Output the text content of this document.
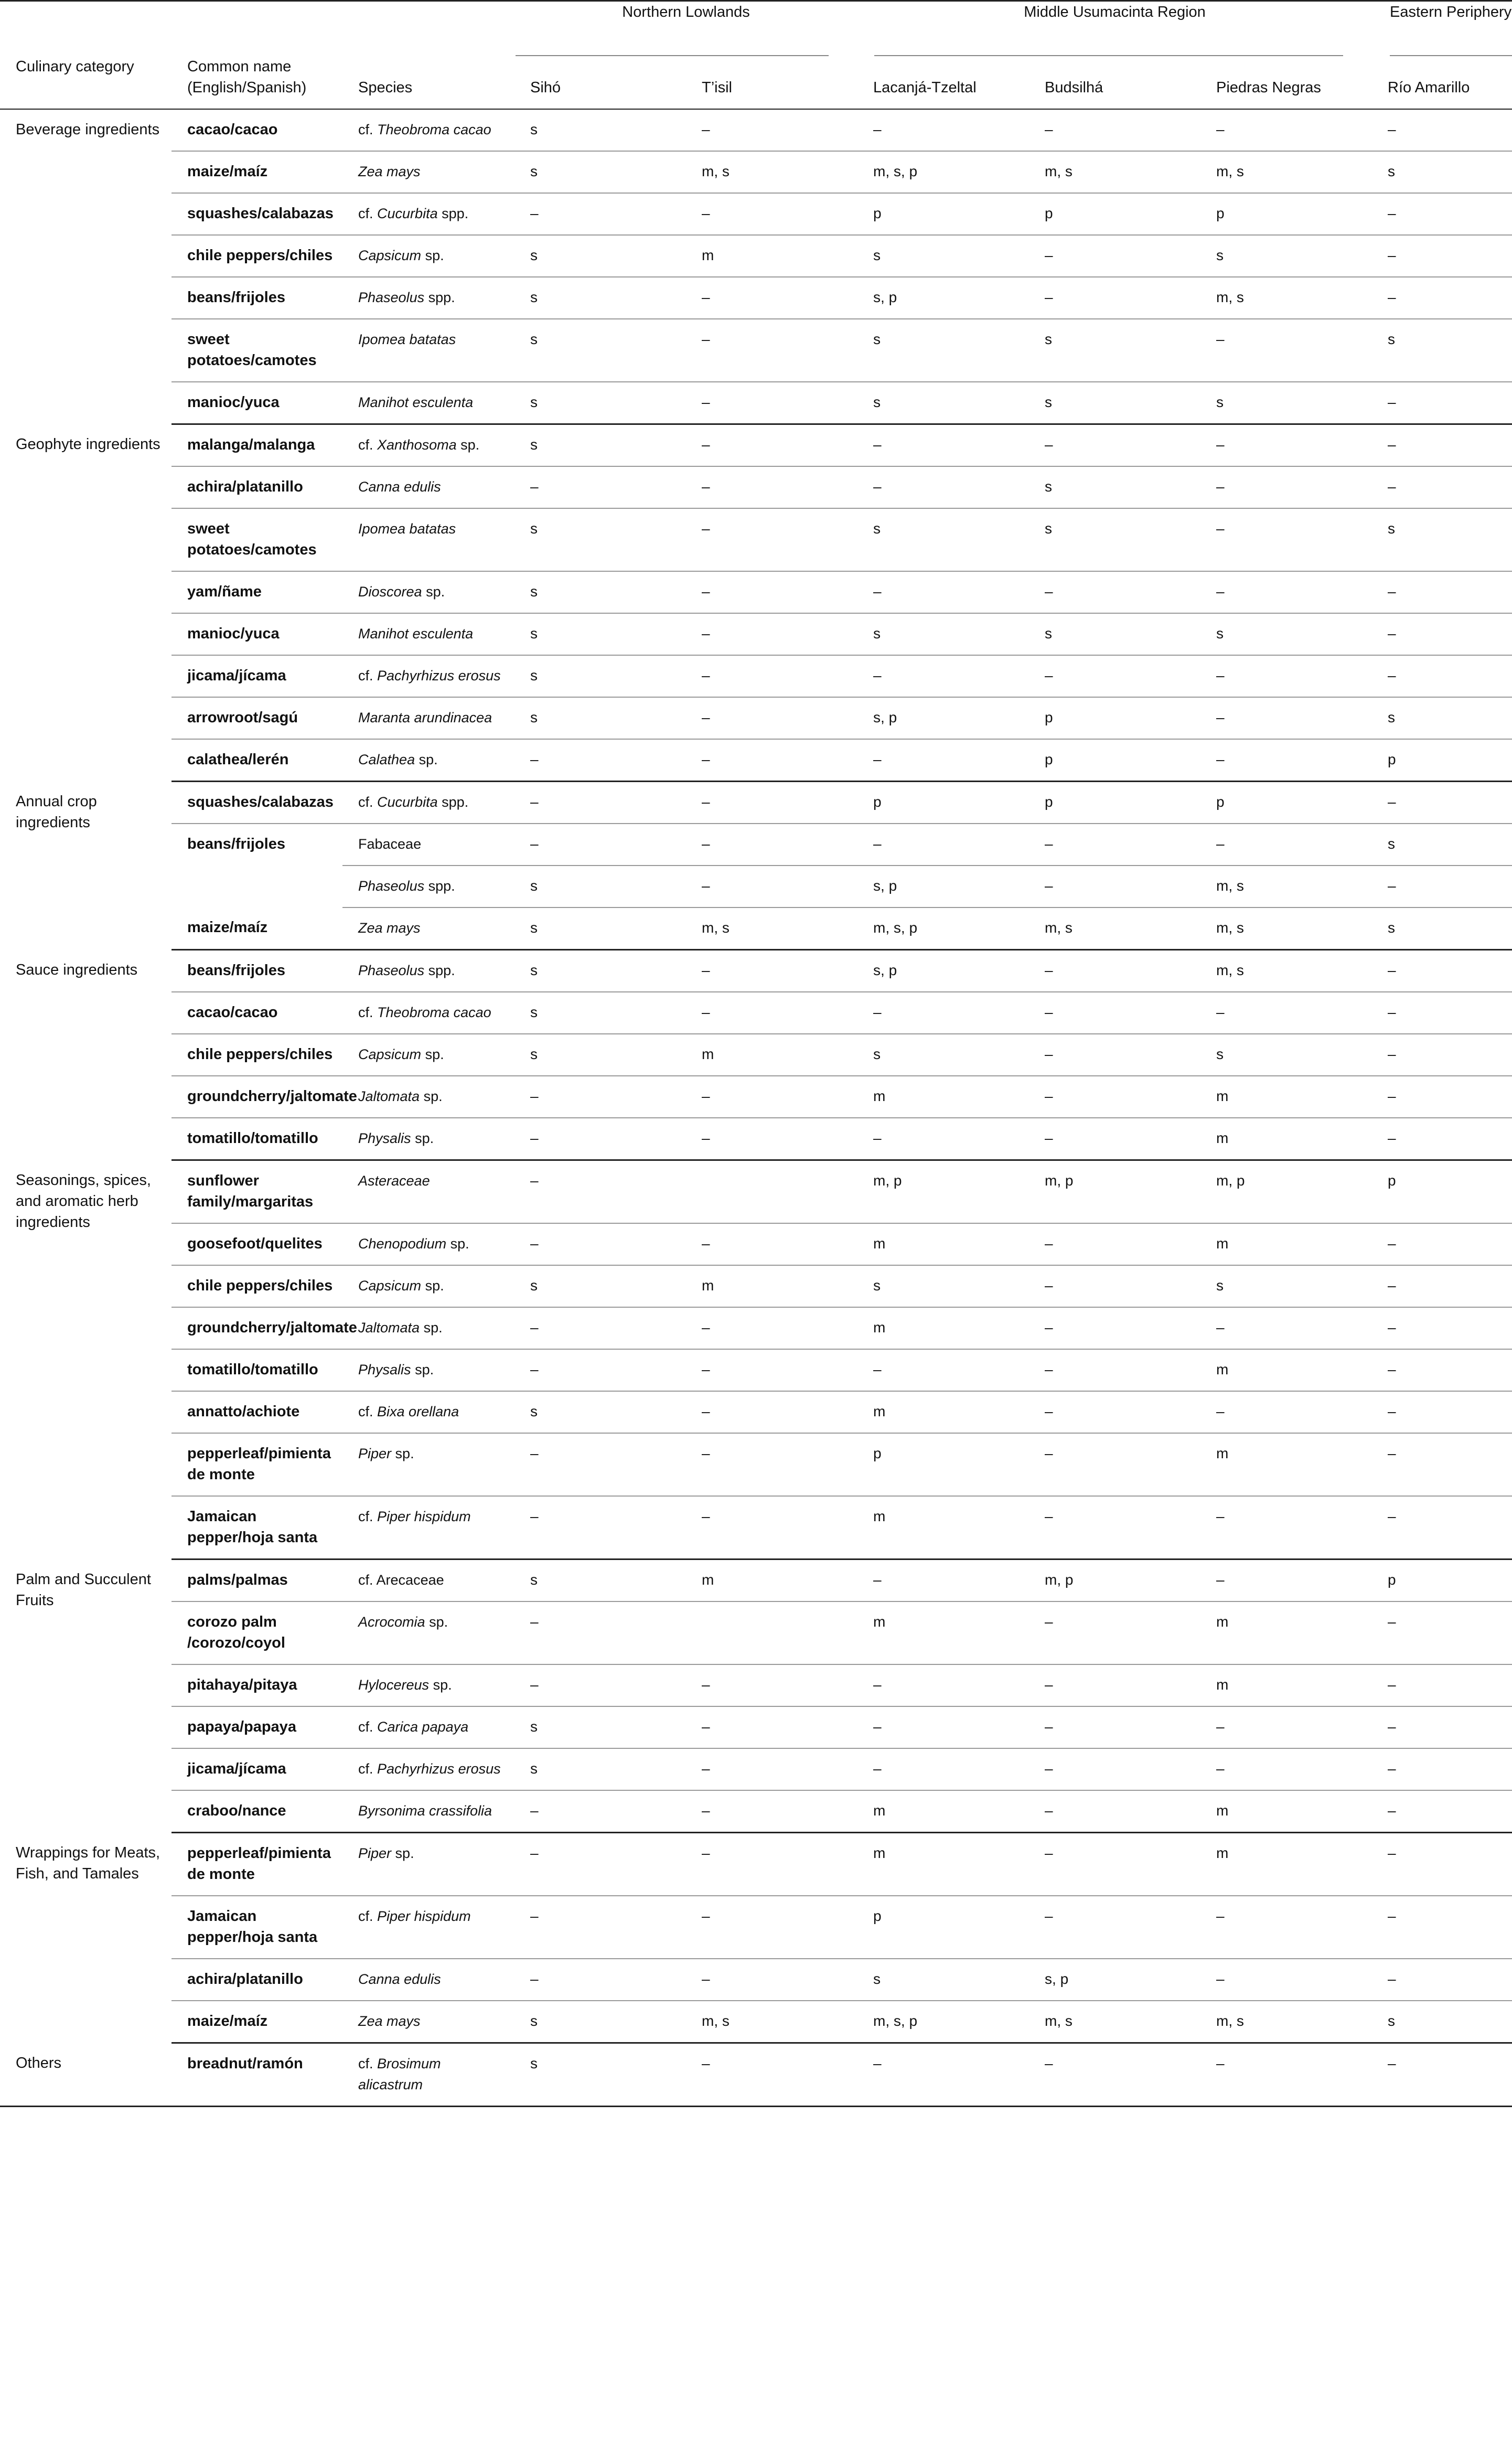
			Northern Lowlands		Middle Usumacinta Region			Eastern Periphery

Culinary category	Common name (English/Spanish)	Species	Sihó	T’isil	Lacanjá-Tzeltal	Budsilhá	Piedras Negras	Río Amarillo

Beverage ingredients	cacao/cacao	cf. Theobroma cacao	s	–	–	–	–	–

	maize/maíz	Zea mays	s	m, s	m, s, p	m, s	m, s	s

	squashes/calabazas	cf. Cucurbita spp.	–	–	p	p	p	–

	chile peppers/chiles	Capsicum sp.	s	m	s	–	s	–

	beans/frijoles	Phaseolus spp.	s	–	s, p	–	m, s	–

	sweet potatoes/camotes	Ipomea batatas	s	–	s	s	–	s

	manioc/yuca	Manihot esculenta	s	–	s	s	s	–

Geophyte ingredients	malanga/malanga	cf. Xanthosoma sp.	s	–	–	–	–	–

	achira/platanillo	Canna edulis	–	–	–	s	–	–

	sweet potatoes/camotes	Ipomea batatas	s	–	s	s	–	s

	yam/ñame	Dioscorea sp.	s	–	–	–	–	–

	manioc/yuca	Manihot esculenta	s	–	s	s	s	–

	jicama/jícama	cf. Pachyrhizus erosus	s	–	–	–	–	–

	arrowroot/sagú	Maranta arundinacea	s	–	s, p	p	–	s

	calathea/lerén	Calathea sp.	–	–	–	p	–	p

Annual crop ingredients	squashes/calabazas	cf. Cucurbita spp.	–	–	p	p	p	–

	beans/frijoles	Fabaceae	–	–	–	–	–	s

		Phaseolus spp.	s	–	s, p	–	m, s	–

	maize/maíz	Zea mays	s	m, s	m, s, p	m, s	m, s	s

Sauce ingredients	beans/frijoles	Phaseolus spp.	s	–	s, p	–	m, s	–

	cacao/cacao	cf. Theobroma cacao	s	–	–	–	–	–

	chile peppers/chiles	Capsicum sp.	s	m	s	–	s	–

	groundcherry/jaltomate	Jaltomata sp.	–	–	m	–	m	–

	tomatillo/tomatillo	Physalis sp.	–	–	–	–	m	–

Seasonings, spices, and aromatic herb ingredients	sunflower family/margaritas	Asteraceae	–		m, p	m, p	m, p	p

	goosefoot/quelites	Chenopodium sp.	–	–	m	–	m	–

	chile peppers/chiles	Capsicum sp.	s	m	s	–	s	–

	groundcherry/jaltomate	Jaltomata sp.	–	–	m	–	–	–

	tomatillo/tomatillo	Physalis sp.	–	–	–	–	m	–

	annatto/achiote	cf. Bixa orellana	s	–	m	–	–	–

	pepperleaf/pimienta de monte	Piper sp.	–	–	p	–	m	–

	Jamaican pepper/hoja santa	cf. Piper hispidum	–	–	m	–	–	–

Palm and Succulent Fruits	palms/palmas	cf. Arecaceae	s	m	–	m, p	–	p

	corozo palm /corozo/coyol	Acrocomia sp.	–		m	–	m	–

	pitahaya/pitaya	Hylocereus sp.	–	–	–	–	m	–

	papaya/papaya	cf. Carica papaya	s	–	–	–	–	–

	jicama/jícama	cf. Pachyrhizus erosus	s	–	–	–	–	–

	craboo/nance	Byrsonima crassifolia	–	–	m	–	m	–

Wrappings for Meats, Fish, and Tamales	pepperleaf/pimienta de monte	Piper sp.	–	–	m	–	m	–

	Jamaican pepper/hoja santa	cf. Piper hispidum	–	–	p	–	–	–

	achira/platanillo	Canna edulis	–	–	s	s, p	–	–

	maize/maíz	Zea mays	s	m, s	m, s, p	m, s	m, s	s

Others	breadnut/ramón	cf. Brosimum alicastrum	s	–	–	–	–	–
